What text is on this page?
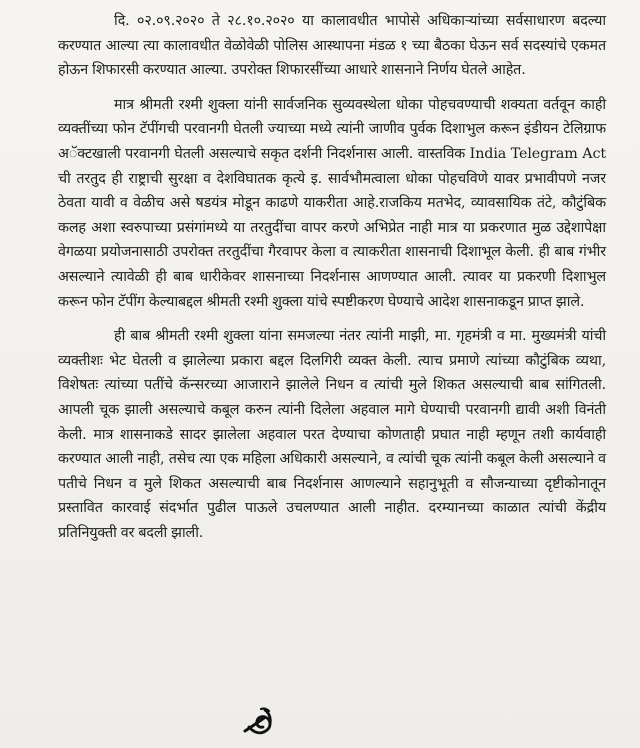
दि. ०२.०९.२०२० ते २८.१०.२०२० या कालावधीत भापोसे अधिकाऱ्यांच्या सर्वसाधारण बदल्या करण्यात आल्या त्या कालावधीत वेळोवेळी पोलिस आस्थापना मंडळ १ च्या बैठका घेऊन सर्व सदस्यांचे एकमत होऊन शिफारसी करण्यात आल्या. उपरोक्त शिफारसींच्या आधारे शासनाने निर्णय घेतले आहेत.

मात्र श्रीमती रश्मी शुक्ला यांनी सार्वजनिक सुव्यवस्थेला धोका पोहचवण्याची शक्यता वर्तवून काही व्यक्तींच्या फोन टॅपींगची परवानगी घेतली ज्याच्या मध्ये त्यांनी जाणीव पुर्वक दिशाभुल करून इंडीयन टेलिग्राफ अॅक्टखाली परवानगी घेतली असल्याचे सकृत दर्शनी निदर्शनास आली. वास्तविक India Telegram Act ची तरतुद ही राष्ट्राची सुरक्षा व देशविघातक कृत्ये इ. सार्वभौमत्वाला धोका पोहचविणे यावर प्रभावीपणे नजर ठेवता यावी व वेळीच असे षडयंत्र मोडून काढणे याकरीता आहे.राजकिय मतभेद, व्यावसायिक तंटे, कौटुंबिक कलह अशा स्वरुपाच्या प्रसंगांमध्ये या तरतुदींचा वापर करणे अभिप्रेत नाही मात्र या प्रकरणात मुळ उद्देशापेक्षा वेगळया प्रयोजनासाठी उपरोक्त तरतुदींचा गैरवापर केला व त्याकरीता शासनाची दिशाभूल केली. ही बाब गंभीर असल्याने त्यावेळी ही बाब धारीकेवर शासनाच्या निदर्शनास आणण्यात आली. त्यावर या प्रकरणी दिशाभुल करून फोन टॅपींग केल्याबद्दल श्रीमती रश्मी शुक्ला यांचे स्पष्टीकरण घेण्याचे आदेश शासनाकडून प्राप्त झाले.

ही बाब श्रीमती रश्मी शुक्ला यांना समजल्या नंतर त्यांनी माझी, मा. गृहमंत्री व मा. मुख्यमंत्री यांची व्यक्तीशः भेट घेतली व झालेल्या प्रकारा बद्दल दिलगिरी व्यक्त केली. त्याच प्रमाणे त्यांच्या कौटुंबिक व्यथा, विशेषतः त्यांच्या पतींचे कॅन्सरच्या आजाराने झालेले निधन व त्यांची मुले शिकत असल्याची बाब सांगितली. आपली चूक झाली असल्याचे कबूल करुन त्यांनी दिलेला अहवाल मागे घेण्याची परवानगी द्यावी अशी विनंती केली. मात्र शासनाकडे सादर झालेला अहवाल परत देण्याचा कोणताही प्रघात नाही म्हणून तशी कार्यवाही करण्यात आली नाही, तसेच त्या एक महिला अधिकारी असल्याने, व त्यांची चूक त्यांनी कबूल केली असल्याने व पतीचे निधन व मुले शिकत असल्याची बाब निदर्शनास आणल्याने सहानुभूती व सौजन्याच्या दृष्टीकोनातून प्रस्तावित कारवाई संदर्भात पुढील पाऊले उचलण्यात आली नाहीत. दरम्यानच्या काळात त्यांची केंद्रीय प्रतिनियुक्ती वर बदली झाली.
